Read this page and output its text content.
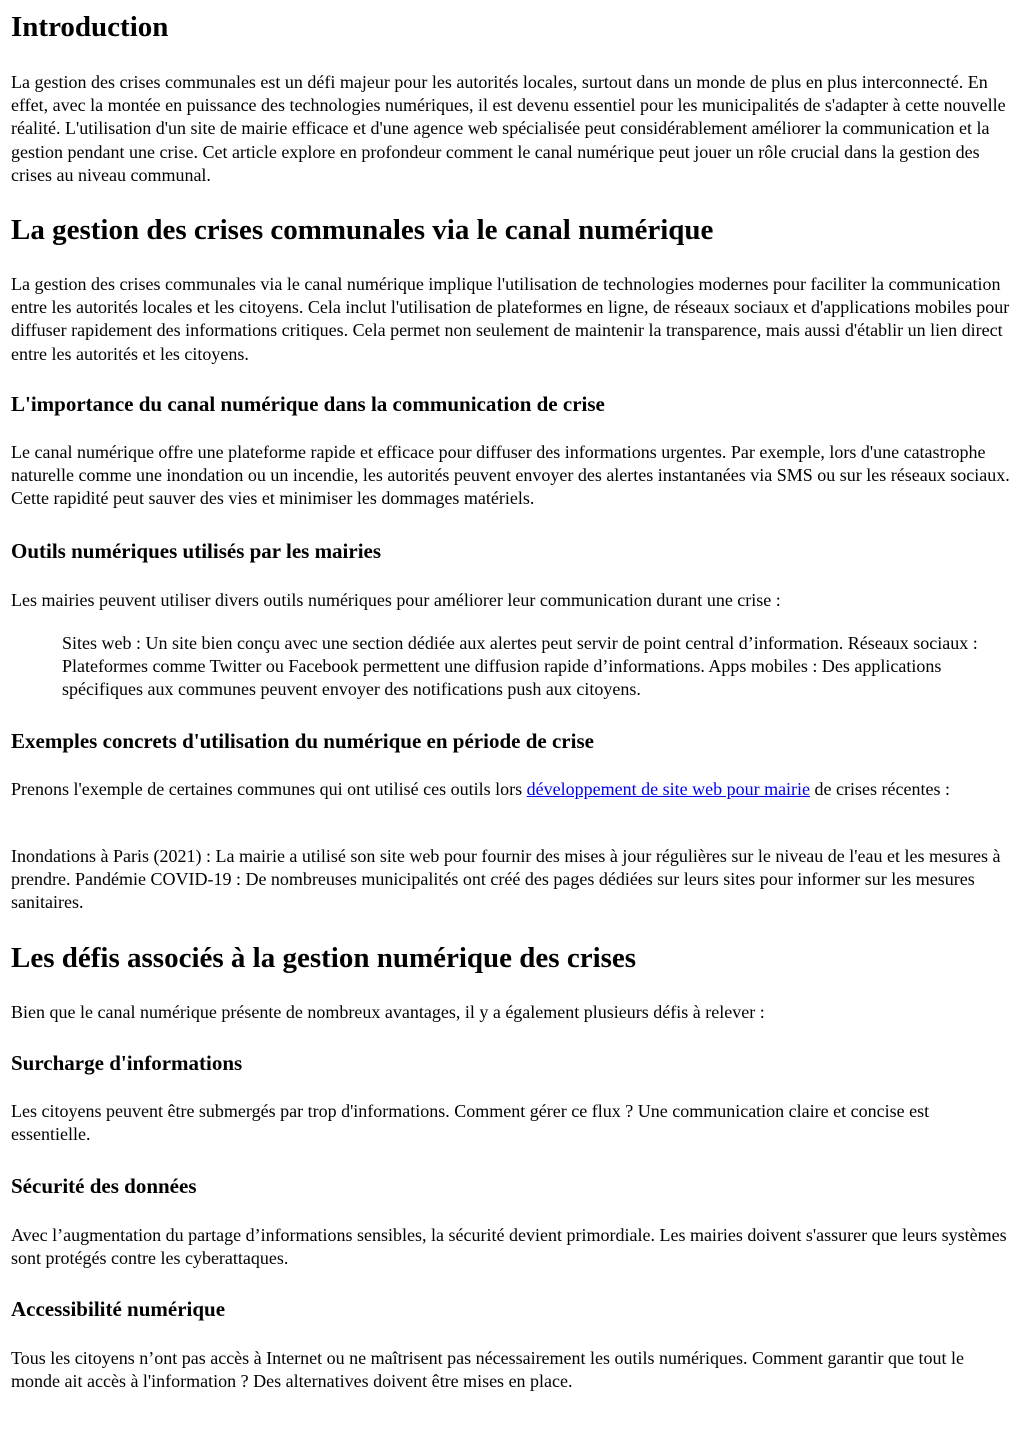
Introduction

La gestion des crises communales est un défi majeur pour les autorités locales, surtout dans un monde de plus en plus interconnecté. En effet, avec la montée en puissance des technologies numériques, il est devenu essentiel pour les municipalités de s'adapter à cette nouvelle réalité. L'utilisation d'un site de mairie efficace et d'une agence web spécialisée peut considérablement améliorer la communication et la gestion pendant une crise. Cet article explore en profondeur comment le canal numérique peut jouer un rôle crucial dans la gestion des crises au niveau communal.

La gestion des crises communales via le canal numérique

La gestion des crises communales via le canal numérique implique l'utilisation de technologies modernes pour faciliter la communication entre les autorités locales et les citoyens. Cela inclut l'utilisation de plateformes en ligne, de réseaux sociaux et d'applications mobiles pour diffuser rapidement des informations critiques. Cela permet non seulement de maintenir la transparence, mais aussi d'établir un lien direct entre les autorités et les citoyens.

L'importance du canal numérique dans la communication de crise

Le canal numérique offre une plateforme rapide et efficace pour diffuser des informations urgentes. Par exemple, lors d'une catastrophe naturelle comme une inondation ou un incendie, les autorités peuvent envoyer des alertes instantanées via SMS ou sur les réseaux sociaux. Cette rapidité peut sauver des vies et minimiser les dommages matériels.

Outils numériques utilisés par les mairies

Les mairies peuvent utiliser divers outils numériques pour améliorer leur communication durant une crise :

Sites web : Un site bien conçu avec une section dédiée aux alertes peut servir de point central d’information. Réseaux sociaux : Plateformes comme Twitter ou Facebook permettent une diffusion rapide d’informations. Apps mobiles : Des applications spécifiques aux communes peuvent envoyer des notifications push aux citoyens.

Exemples concrets d'utilisation du numérique en période de crise

Prenons l'exemple de certaines communes qui ont utilisé ces outils lors développement de site web pour mairie de crises récentes :

Inondations à Paris (2021) : La mairie a utilisé son site web pour fournir des mises à jour régulières sur le niveau de l'eau et les mesures à prendre. Pandémie COVID-19 : De nombreuses municipalités ont créé des pages dédiées sur leurs sites pour informer sur les mesures sanitaires.

Les défis associés à la gestion numérique des crises

Bien que le canal numérique présente de nombreux avantages, il y a également plusieurs défis à relever :

Surcharge d'informations

Les citoyens peuvent être submergés par trop d'informations. Comment gérer ce flux ? Une communication claire et concise est essentielle.

Sécurité des données

Avec l’augmentation du partage d’informations sensibles, la sécurité devient primordiale. Les mairies doivent s'assurer que leurs systèmes sont protégés contre les cyberattaques.

Accessibilité numérique

Tous les citoyens n’ont pas accès à Internet ou ne maîtrisent pas nécessairement les outils numériques. Comment garantir que tout le monde ait accès à l'information ? Des alternatives doivent être mises en place.
